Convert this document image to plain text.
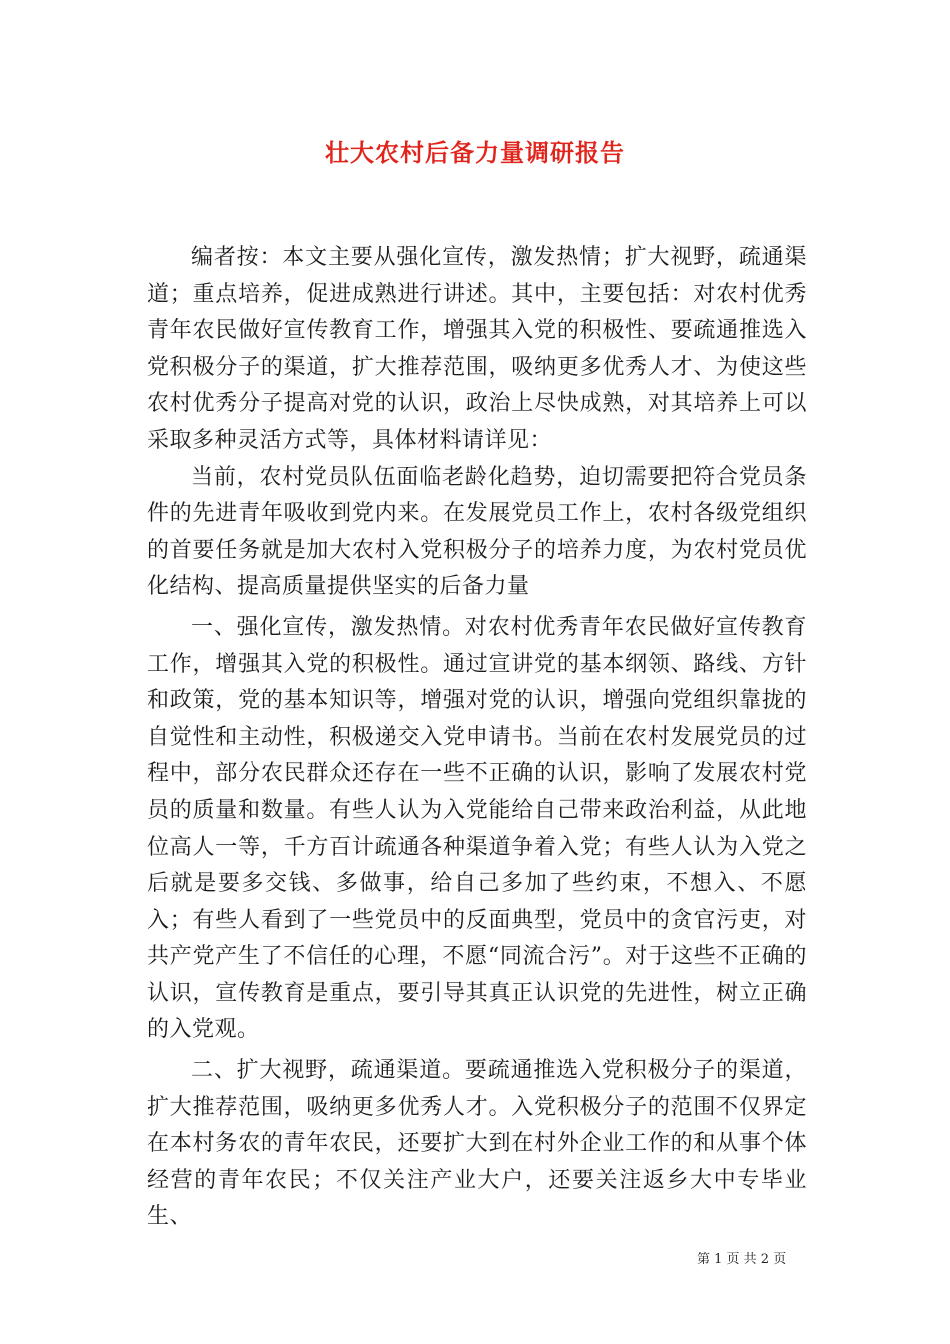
壮大农村后备力量调研报告

编者按：本文主要从强化宣传，激发热情；扩大视野，疏通渠道；重点培养，促进成熟进行讲述。其中，主要包括：对农村优秀青年农民做好宣传教育工作，增强其入党的积极性、要疏通推选入党积极分子的渠道，扩大推荐范围，吸纳更多优秀人才、为使这些农村优秀分子提高对党的认识，政治上尽快成熟，对其培养上可以采取多种灵活方式等，具体材料请详见：

当前，农村党员队伍面临老龄化趋势，迫切需要把符合党员条件的先进青年吸收到党内来。在发展党员工作上，农村各级党组织的首要任务就是加大农村入党积极分子的培养力度，为农村党员优化结构、提高质量提供坚实的后备力量

一、强化宣传，激发热情。对农村优秀青年农民做好宣传教育工作，增强其入党的积极性。通过宣讲党的基本纲领、路线、方针和政策，党的基本知识等，增强对党的认识，增强向党组织靠拢的自觉性和主动性，积极递交入党申请书。当前在农村发展党员的过程中，部分农民群众还存在一些不正确的认识，影响了发展农村党员的质量和数量。有些人认为入党能给自己带来政治利益，从此地位高人一等，千方百计疏通各种渠道争着入党；有些人认为入党之后就是要多交钱、多做事，给自己多加了些约束，不想入、不愿入；有些人看到了一些党员中的反面典型，党员中的贪官污吏，对共产党产生了不信任的心理，不愿“同流合污”。对于这些不正确的认识，宣传教育是重点，要引导其真正认识党的先进性，树立正确的入党观。

二、扩大视野，疏通渠道。要疏通推选入党积极分子的渠道，扩大推荐范围，吸纳更多优秀人才。入党积极分子的范围不仅界定在本村务农的青年农民，还要扩大到在村外企业工作的和从事个体经营的青年农民；不仅关注产业大户，还要关注返乡大中专毕业生、

第 1 页 共 2 页
